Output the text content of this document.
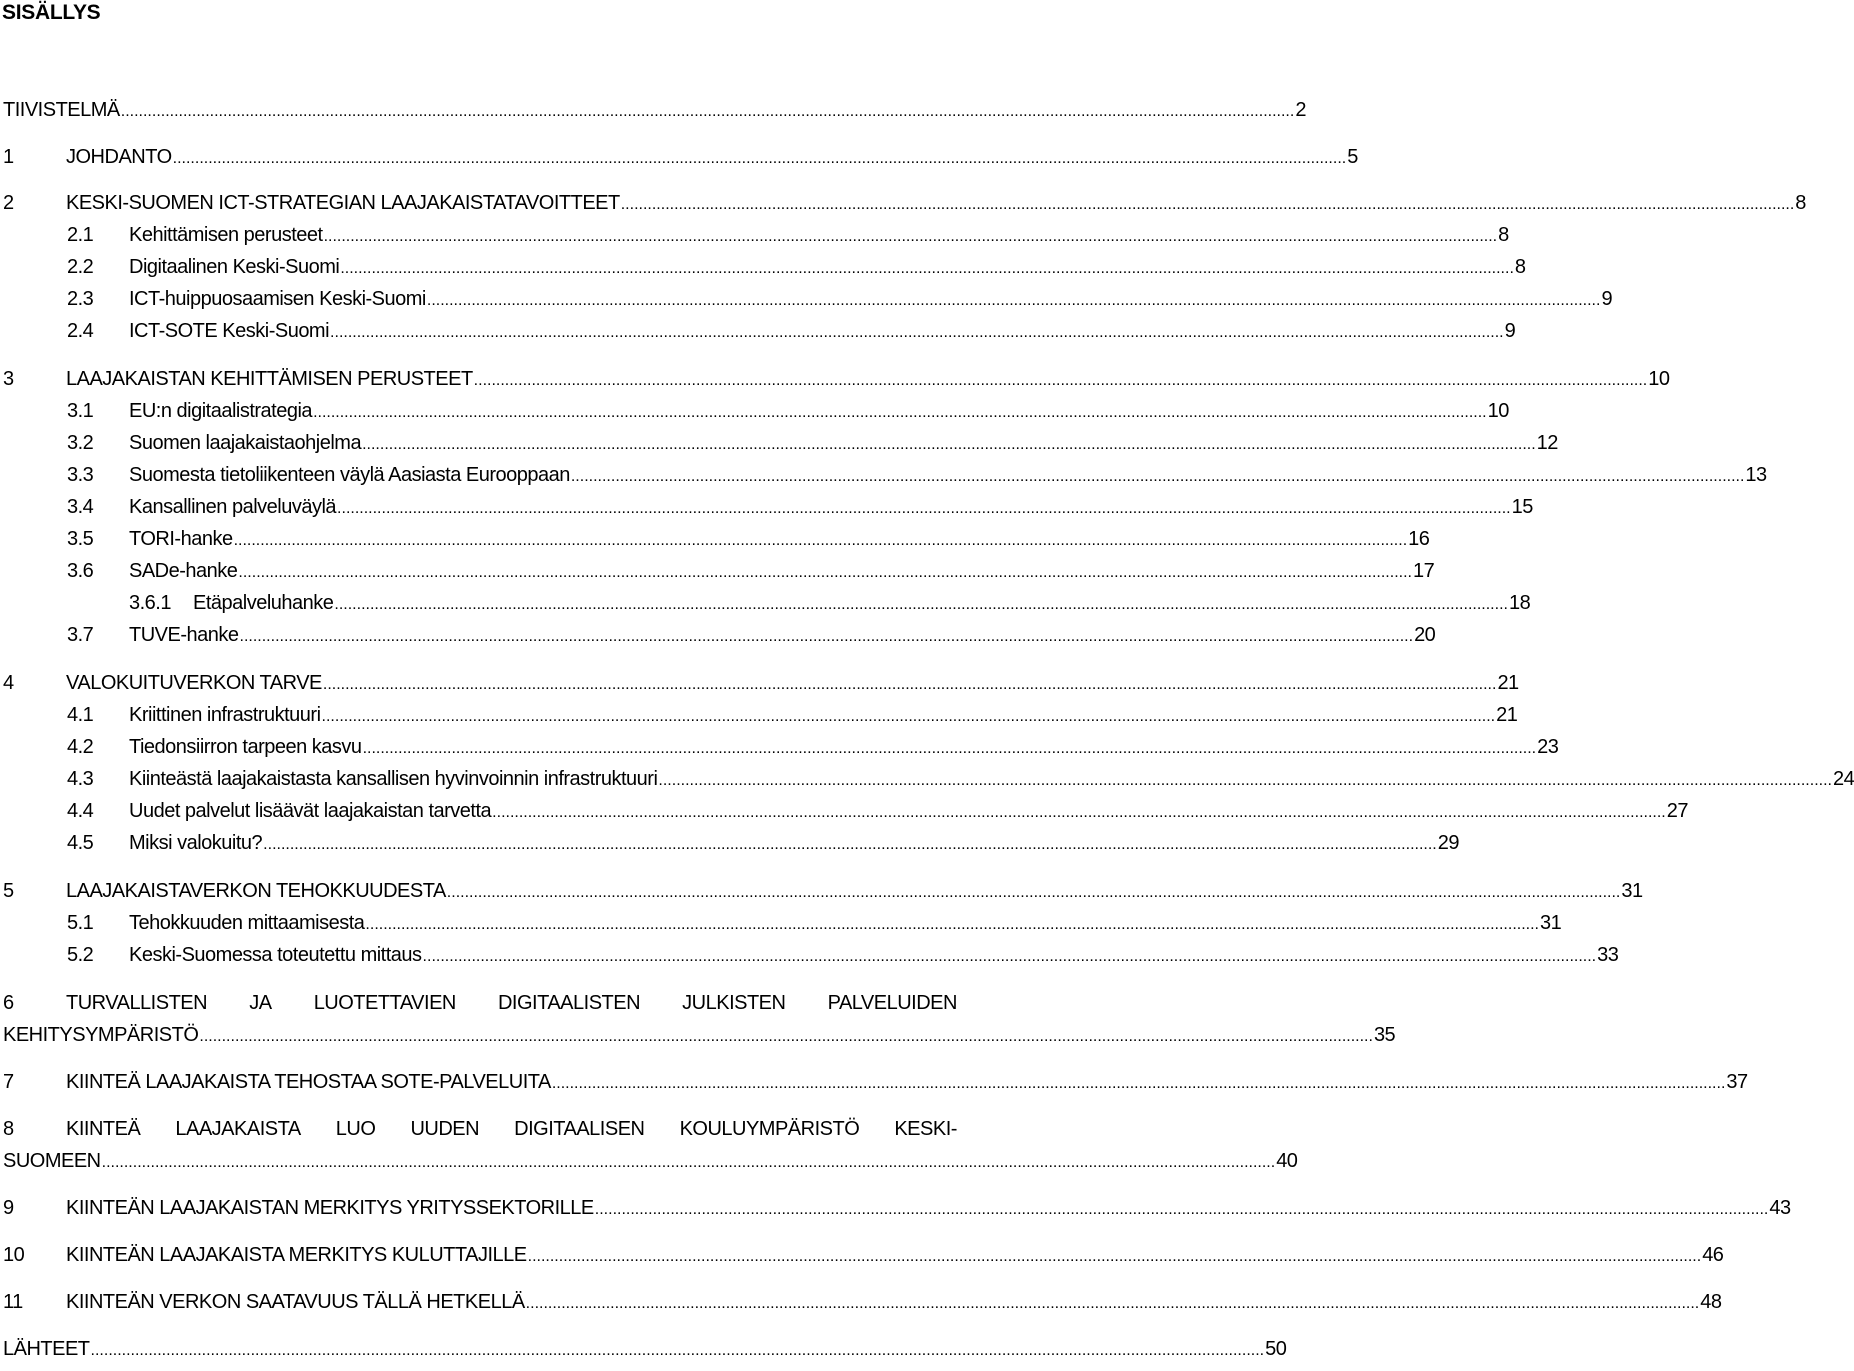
SISÄLLYS
TIIVISTELMÄ .....	2
1	JOHDANTO .....	5
2	KESKI-SUOMEN ICT-STRATEGIAN LAAJAKAISTATAVOITTEET .....	8
2.1 Kehittämisen perusteet .....	8
2.2 Digitaalinen Keski-Suomi .....	8
2.3 ICT-huippuosaamisen Keski-Suomi .....	9
2.4 ICT-SOTE Keski-Suomi .....	9
3	LAAJAKAISTAN KEHITTÄMISEN PERUSTEET .....	10
3.1 EU:n digitaalistrategia .....	10
3.2 Suomen laajakaistaohjelma .....	12
3.3 Suomesta tietoliikenteen väylä Aasiasta Eurooppaan .....	13
3.4 Kansallinen palveluväylä .....	15
3.5 TORI-hanke .....	16
3.6 SADe-hanke .....	17
3.6.1 Etäpalveluhanke .....	18
3.7 TUVE-hanke .....	20
4	VALOKUITUVERKON TARVE .....	21
4.1 Kriittinen infrastruktuuri .....	21
4.2 Tiedonsiirron tarpeen kasvu .....	23
4.3 Kiinteästä laajakaistasta kansallisen hyvinvoinnin infrastruktuuri .....	24
4.4 Uudet palvelut lisäävät laajakaistan tarvetta .....	27
4.5 Miksi valokuitu? .....	29
5	LAAJAKAISTAVERKON TEHOKKUUDESTA .....	31
5.1 Tehokkuuden mittaamisesta .....	31
5.2 Keski-Suomessa toteutettu mittaus .....	33
6	TURVALLISTEN JA LUOTETTAVIEN DIGITAALISTEN JULKISTEN PALVELUIDEN
KEHITYSYMPÄRISTÖ .....	35
7	KIINTEÄ LAAJAKAISTA TEHOSTAA SOTE-PALVELUITA .....	37
8	KIINTEÄ LAAJAKAISTA LUO UUDEN DIGITAALISEN KOULUYMPÄRISTÖ KESKI-
SUOMEEN .....	40
9	KIINTEÄN LAAJAKAISTAN MERKITYS YRITYSSEKTORILLE .....	43
10	KIINTEÄN LAAJAKAISTA MERKITYS KULUTTAJILLE .....	46
11	KIINTEÄN VERKON SAATAVUUS TÄLLÄ HETKELLÄ .....	48
LÄHTEET .....	50
